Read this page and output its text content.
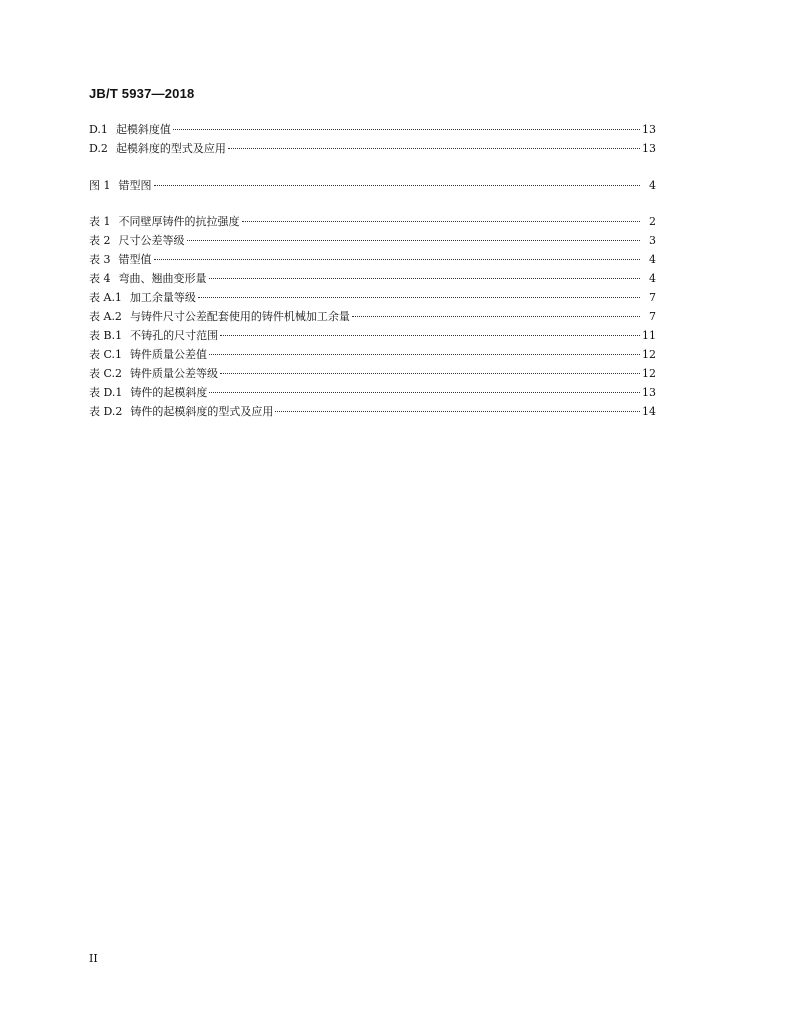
JB/T 5937—2018
D.1 起模斜度值	13
D.2 起模斜度的型式及应用	13
图 1 错型图	4
表 1 不同壁厚铸件的抗拉强度	2
表 2 尺寸公差等级	3
表 3 错型值	4
表 4 弯曲、翘曲变形量	4
表 A.1 加工余量等级	7
表 A.2 与铸件尺寸公差配套使用的铸件机械加工余量	7
表 B.1 不铸孔的尺寸范围	11
表 C.1 铸件质量公差值	12
表 C.2 铸件质量公差等级	12
表 D.1 铸件的起模斜度	13
表 D.2 铸件的起模斜度的型式及应用	14
II
